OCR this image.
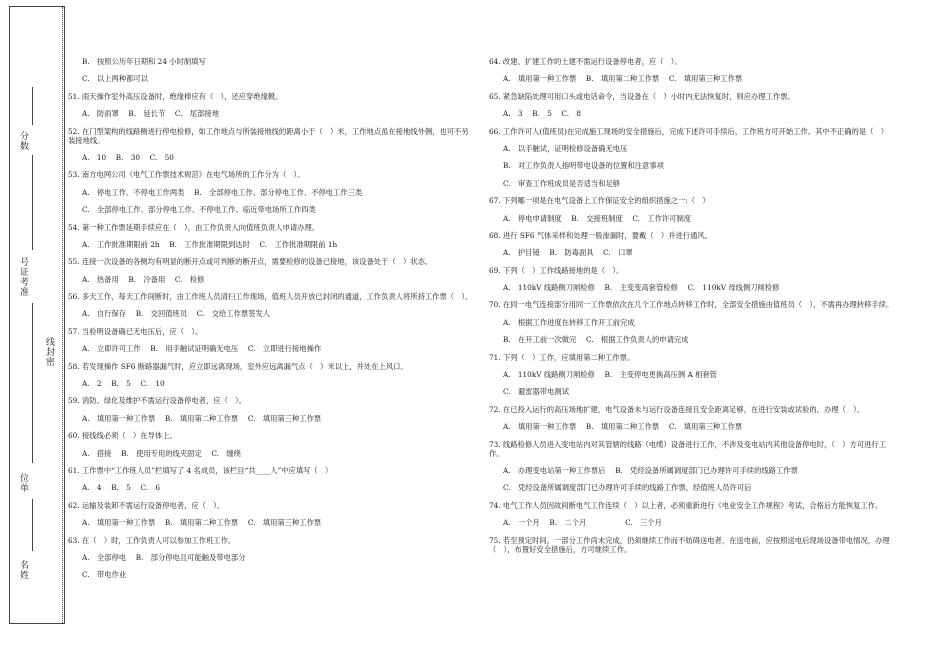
分数
号证考准
线封密
位单
名姓

B.　按照公历年日期和 24 小时制填写

C.　以上两种都可以

51. 雨天操作室外高压设备时，绝缘棒应有（　），还应穿绝缘靴。

A.　防雨罩　 B.　延长节　 C.　尾部接地

52. 在门型架构的线路侧进行停电检修，如工作地点与所装接地线的距离小于（　）米，工作地点虽在接地线外侧，也可不另装接地线。

A.　10　 B.　30　 C.　50

53. 南方电网公司《电气工作票技术规范》在电气场所的工作分为（　）。

A.　停电工作、不停电工作两类　 B.　全部停电工作、部分停电工作、不停电工作三类

C.　全部停电工作、部分停电工作、不停电工作、临近带电场所工作四类

54. 第一种工作票延期手续应在（　），由工作负责人向值班负责人申请办理。

A.　工作批准期限前 2h　 B.　工作批准期限到达时　 C.　工作批准期限前 1h

55. 连接一次设备的各侧均有明显的断开点或可判断的断开点，需要检修的设备已接地，该设备处于（　）状态。

A.　热备用　 B.　冷备用　 C.　检修

56. 多天工作，每天工作间断时，由工作班人员清扫工作现场，值班人员开放已封闭的通道，工作负责人将所持工作票（　）。

A.　自行保存　 B.　交回值班员　 C.　交给工作票签发人

57. 当验明设备确已无电压后，应（　）。

A.　立即许可工作　 B.　用手触试证明确无电压　 C.　立即进行接地操作

58. 若发现操作 SF6 断路器漏气时，应立即远离现场，室外应远离漏气点（　）米以上，并处在上风口。

A.　2　 B.　5　 C.　10

59. 消防、绿化及维护不需运行设备停电者，应（　）。

A.　填用第一种工作票　 B.　填用第二种工作票　 C.　填用第三种工作票

60. 接线线必须（　）在导体上。

A.　搭接　 B.　使用专用的线夹固定　 C.　缠绕

61. 工作票中“工作班人员”栏填写了 4 名成员，该栏目“共____人”中应填写（　）

A.　4　 B.　5　 C.　6

62. 运输及装卸不需运行设备停电者，应（　）。

A.　填用第一种工作票　 B.　填用第二种工作票　 C.　填用第三种工作票

63. 在（　）时，工作负责人可以参加工作班工作。

A.　全部停电　 B.　部分停电且可能触及带电部分

C.　带电作业

64. 改建、扩建工作的土建不需运行设备停电者，应（　）。

A.　填用第一种工作票　 B.　填用第二种工作票　 C.　填用第三种工作票

65. 紧急缺陷处理可用口头或电话命令，当设备在（　）小时内无法恢复时，则应办理工作票。

A.　3　 B.　5　 C.　8

66. 工作许可人(值班员)在完成施工现场的安全措施后，完成下述许可手续后，工作班方可开始工作。其中不正确的是（　）

A.　以手触试，证明检修设备确无电压

B.　对工作负责人指明带电设备的位置和注意事项

C.　审查工作班成员是否适当和足够

67. 下列哪一项是在电气设备上工作保证安全的组织措施之一:（　）

A.　停电申请制度　 B.　交接班制度　 C.　工作许可制度

68. 进行 SF6 气体采样和处理一般渗漏时，要戴（　）并进行通风。

A.　护目镜　 B.　防毒面具　 C.　口罩

69. 下列（　）工作线路接地的是（　）。

A.　110kV 线路侧刀闸检修　 B.　主变变高套管检修　 C.　110kV 母线侧刀闸检修

70. 在同一电气连接部分用同一工作票依次在几个工作地点转移工作时，全部安全措施由值班员（　），不需再办理转移手续。

A.　根据工作进度在转移工作开工前完成

B.　在开工前一次做完　 C.　根据工作负责人的申请完成

71. 下列（　）工作，应填用第二种工作票。

A.　110kV 线路侧刀闸检修　 B.　主变停电更换高压侧 A 相套管

C.　避雷器带电测试

72. 在已投入运行的高压场地扩建，电气设备未与运行设备连接且安全距离足够，在进行安装或试验的，办理（　）。

A.　填用第一种工作票　 B.　填用第二种工作票　 C.　填用第三种工作票

73. 线路检修人员进入变电站内对其管辖的线路（电缆）设备进行工作，不涉及变电站内其他设备停电时，（　）方可进行工作。

A.　办理变电站第一种工作票后　 B.　凭经设备所属调度部门已办理许可手续的线路工作票

C.　凭经设备所属调度部门已办理许可手续的线路工作票，经值班人员许可后

74. 电气工作人员因故间断电气工作连续（　）以上者，必须重新进行《电业安全工作规程》考试，合格后方能恢复工作。

A.　一个月　 B.　二个月　　　　　 C.　三个月

75. 若至预定时间，一部分工作尚未完成，仍须继续工作而不妨碍送电者，在送电前，应按照送电后现场设备带电情况，办理（　），布置好安全措施后，方可继续工作。
